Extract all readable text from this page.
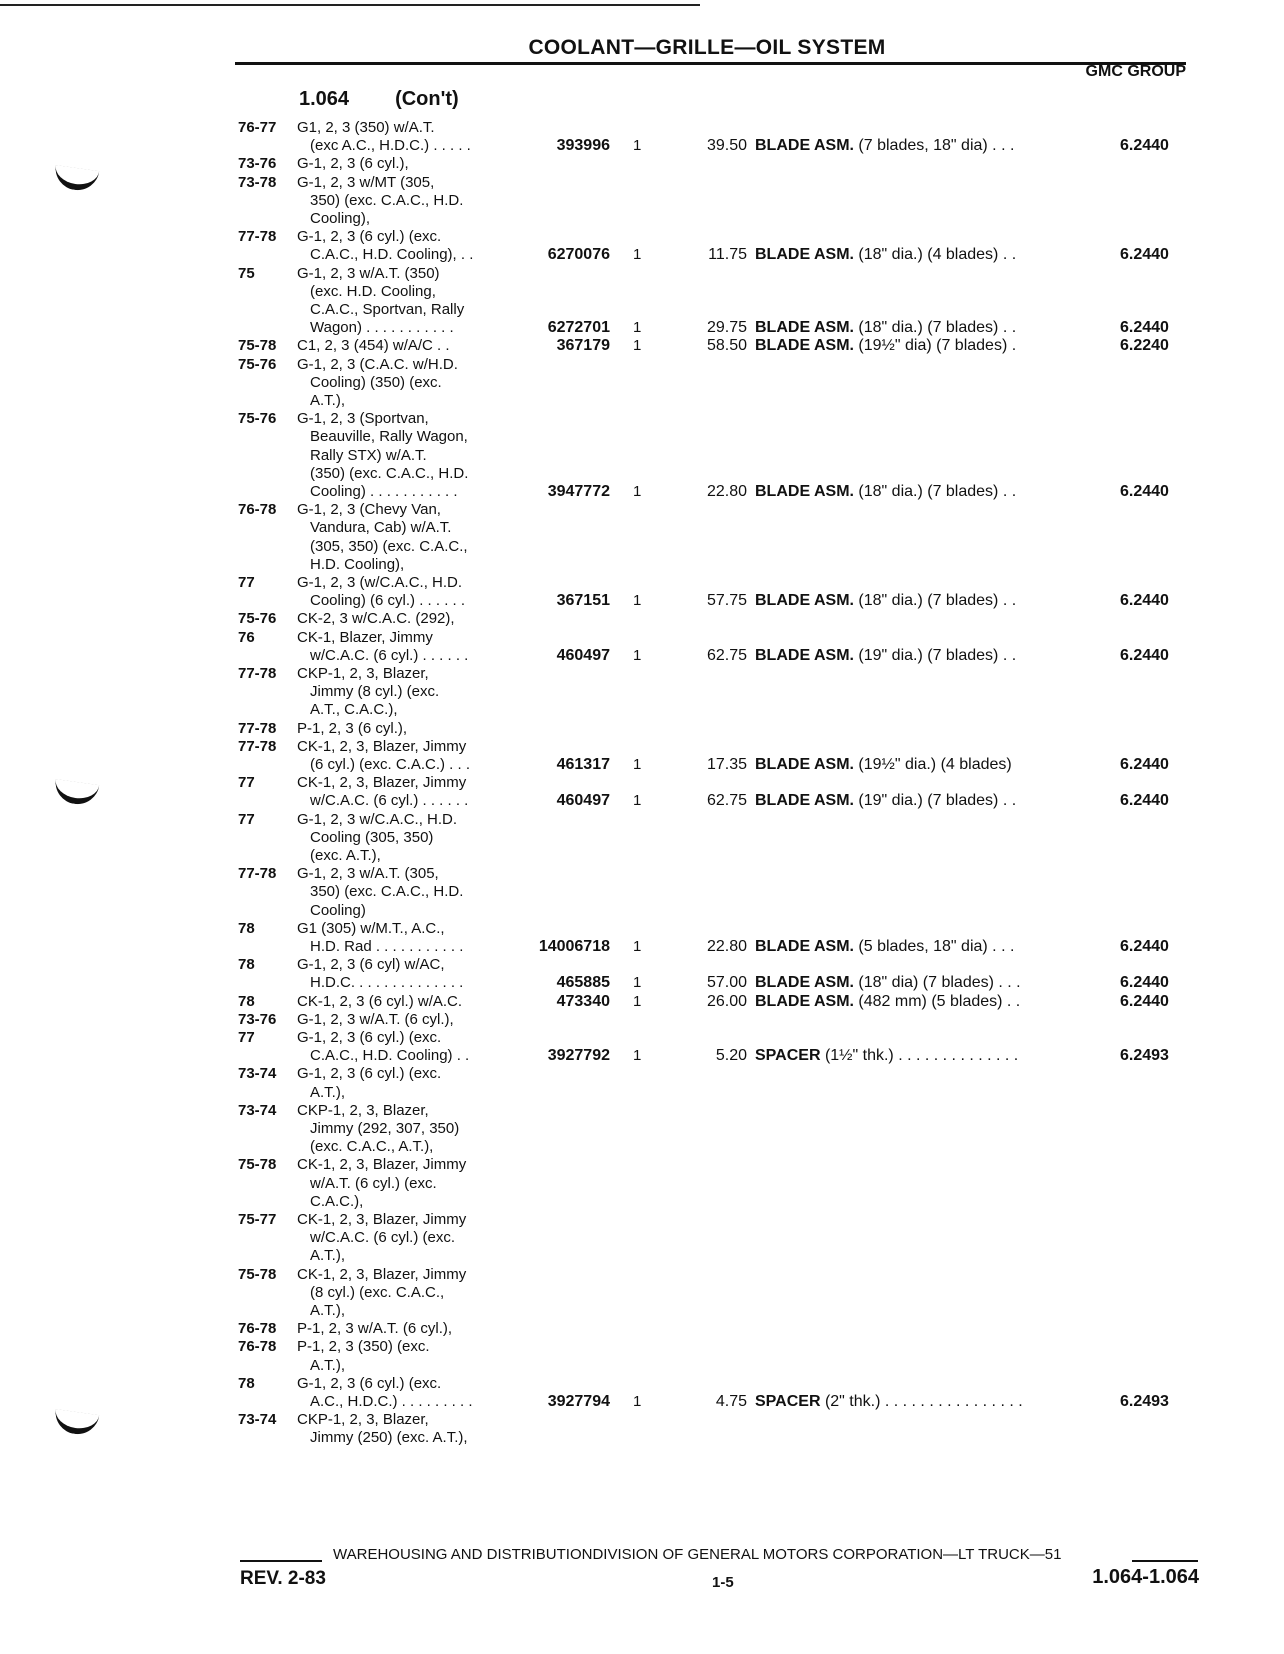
COOLANT—GRILLE—OIL SYSTEM
GMC GROUP
1.064 (Con't)
76-77 G1, 2, 3 (350) w/A.T.
(exc A.C., H.D.C.) . . . . .	393996 1	39.50 BLADE ASM. (7 blades, 18" dia) . . .	6.2440
73-76 G-1, 2, 3 (6 cyl.),
73-78 G-1, 2, 3 w/MT (305,
350) (exc. C.A.C., H.D.
Cooling),
77-78 G-1, 2, 3 (6 cyl.) (exc.
C.A.C., H.D. Cooling), . .	6270076 1	11.75 BLADE ASM. (18" dia.) (4 blades) . .	6.2440
75	G-1, 2, 3 w/A.T. (350)
(exc. H.D. Cooling,
C.A.C., Sportvan, Rally
Wagon) . . . . . . . . . . .	6272701 1	29.75 BLADE ASM. (18" dia.) (7 blades) . .	6.2440
75-78 C1, 2, 3 (454) w/A/C . .	367179 1	58.50 BLADE ASM. (19½" dia) (7 blades) .	6.2240
75-76 G-1, 2, 3 (C.A.C. w/H.D.
Cooling) (350) (exc.
A.T.),
75-76 G-1, 2, 3 (Sportvan,
Beauville, Rally Wagon,
Rally STX) w/A.T.
(350) (exc. C.A.C., H.D.
Cooling) . . . . . . . . . . .	3947772 1	22.80 BLADE ASM. (18" dia.) (7 blades) . .	6.2440
76-78 G-1, 2, 3 (Chevy Van,
Vandura, Cab) w/A.T.
(305, 350) (exc. C.A.C.,
H.D. Cooling),
77	G-1, 2, 3 (w/C.A.C., H.D.
Cooling) (6 cyl.) . . . . . .	367151 1	57.75 BLADE ASM. (18" dia.) (7 blades) . .	6.2440
75-76 CK-2, 3 w/C.A.C. (292),
76	CK-1, Blazer, Jimmy
w/C.A.C. (6 cyl.) . . . . . .	460497 1	62.75 BLADE ASM. (19" dia.) (7 blades) . .	6.2440
77-78 CKP-1, 2, 3, Blazer,
Jimmy (8 cyl.) (exc.
A.T., C.A.C.),
77-78 P-1, 2, 3 (6 cyl.),
77-78 CK-1, 2, 3, Blazer, Jimmy
(6 cyl.) (exc. C.A.C.) . . .	461317 1	17.35 BLADE ASM. (19½" dia.) (4 blades)	6.2440
77	CK-1, 2, 3, Blazer, Jimmy
w/C.A.C. (6 cyl.) . . . . . .	460497 1	62.75 BLADE ASM. (19" dia.) (7 blades) . .	6.2440
77	G-1, 2, 3 w/C.A.C., H.D.
Cooling (305, 350)
(exc. A.T.),
77-78 G-1, 2, 3 w/A.T. (305,
350) (exc. C.A.C., H.D.
Cooling)
78	G1 (305) w/M.T., A.C.,
H.D. Rad . . . . . . . . . . .	14006718 1	22.80 BLADE ASM. (5 blades, 18" dia) . . .	6.2440
78	G-1, 2, 3 (6 cyl) w/AC,
H.D.C. . . . . . . . . . . . . .	465885 1	57.00 BLADE ASM. (18" dia) (7 blades) . . .	6.2440
78	CK-1, 2, 3 (6 cyl.) w/A.C.	473340 1	26.00 BLADE ASM. (482 mm) (5 blades) . .	6.2440
73-76 G-1, 2, 3 w/A.T. (6 cyl.),
77	G-1, 2, 3 (6 cyl.) (exc.
C.A.C., H.D. Cooling) . .	3927792 1	5.20 SPACER (1½" thk.) . . . . . . . . . . . . . .	6.2493
73-74 G-1, 2, 3 (6 cyl.) (exc.
A.T.),
73-74 CKP-1, 2, 3, Blazer,
Jimmy (292, 307, 350)
(exc. C.A.C., A.T.),
75-78 CK-1, 2, 3, Blazer, Jimmy
w/A.T. (6 cyl.) (exc.
C.A.C.),
75-77 CK-1, 2, 3, Blazer, Jimmy
w/C.A.C. (6 cyl.) (exc.
A.T.),
75-78 CK-1, 2, 3, Blazer, Jimmy
(8 cyl.) (exc. C.A.C.,
A.T.),
76-78 P-1, 2, 3 w/A.T. (6 cyl.),
76-78 P-1, 2, 3 (350) (exc.
A.T.),
78	G-1, 2, 3 (6 cyl.) (exc.
A.C., H.D.C.) . . . . . . . . .	3927794 1	4.75 SPACER (2" thk.) . . . . . . . . . . . . . . . .	6.2493
73-74 CKP-1, 2, 3, Blazer,
Jimmy (250) (exc. A.T.),
WAREHOUSING AND DISTRIBUTIONDIVISION OF GENERAL MOTORS CORPORATION—LT TRUCK—51
REV. 2-83	1-5	1.064-1.064
